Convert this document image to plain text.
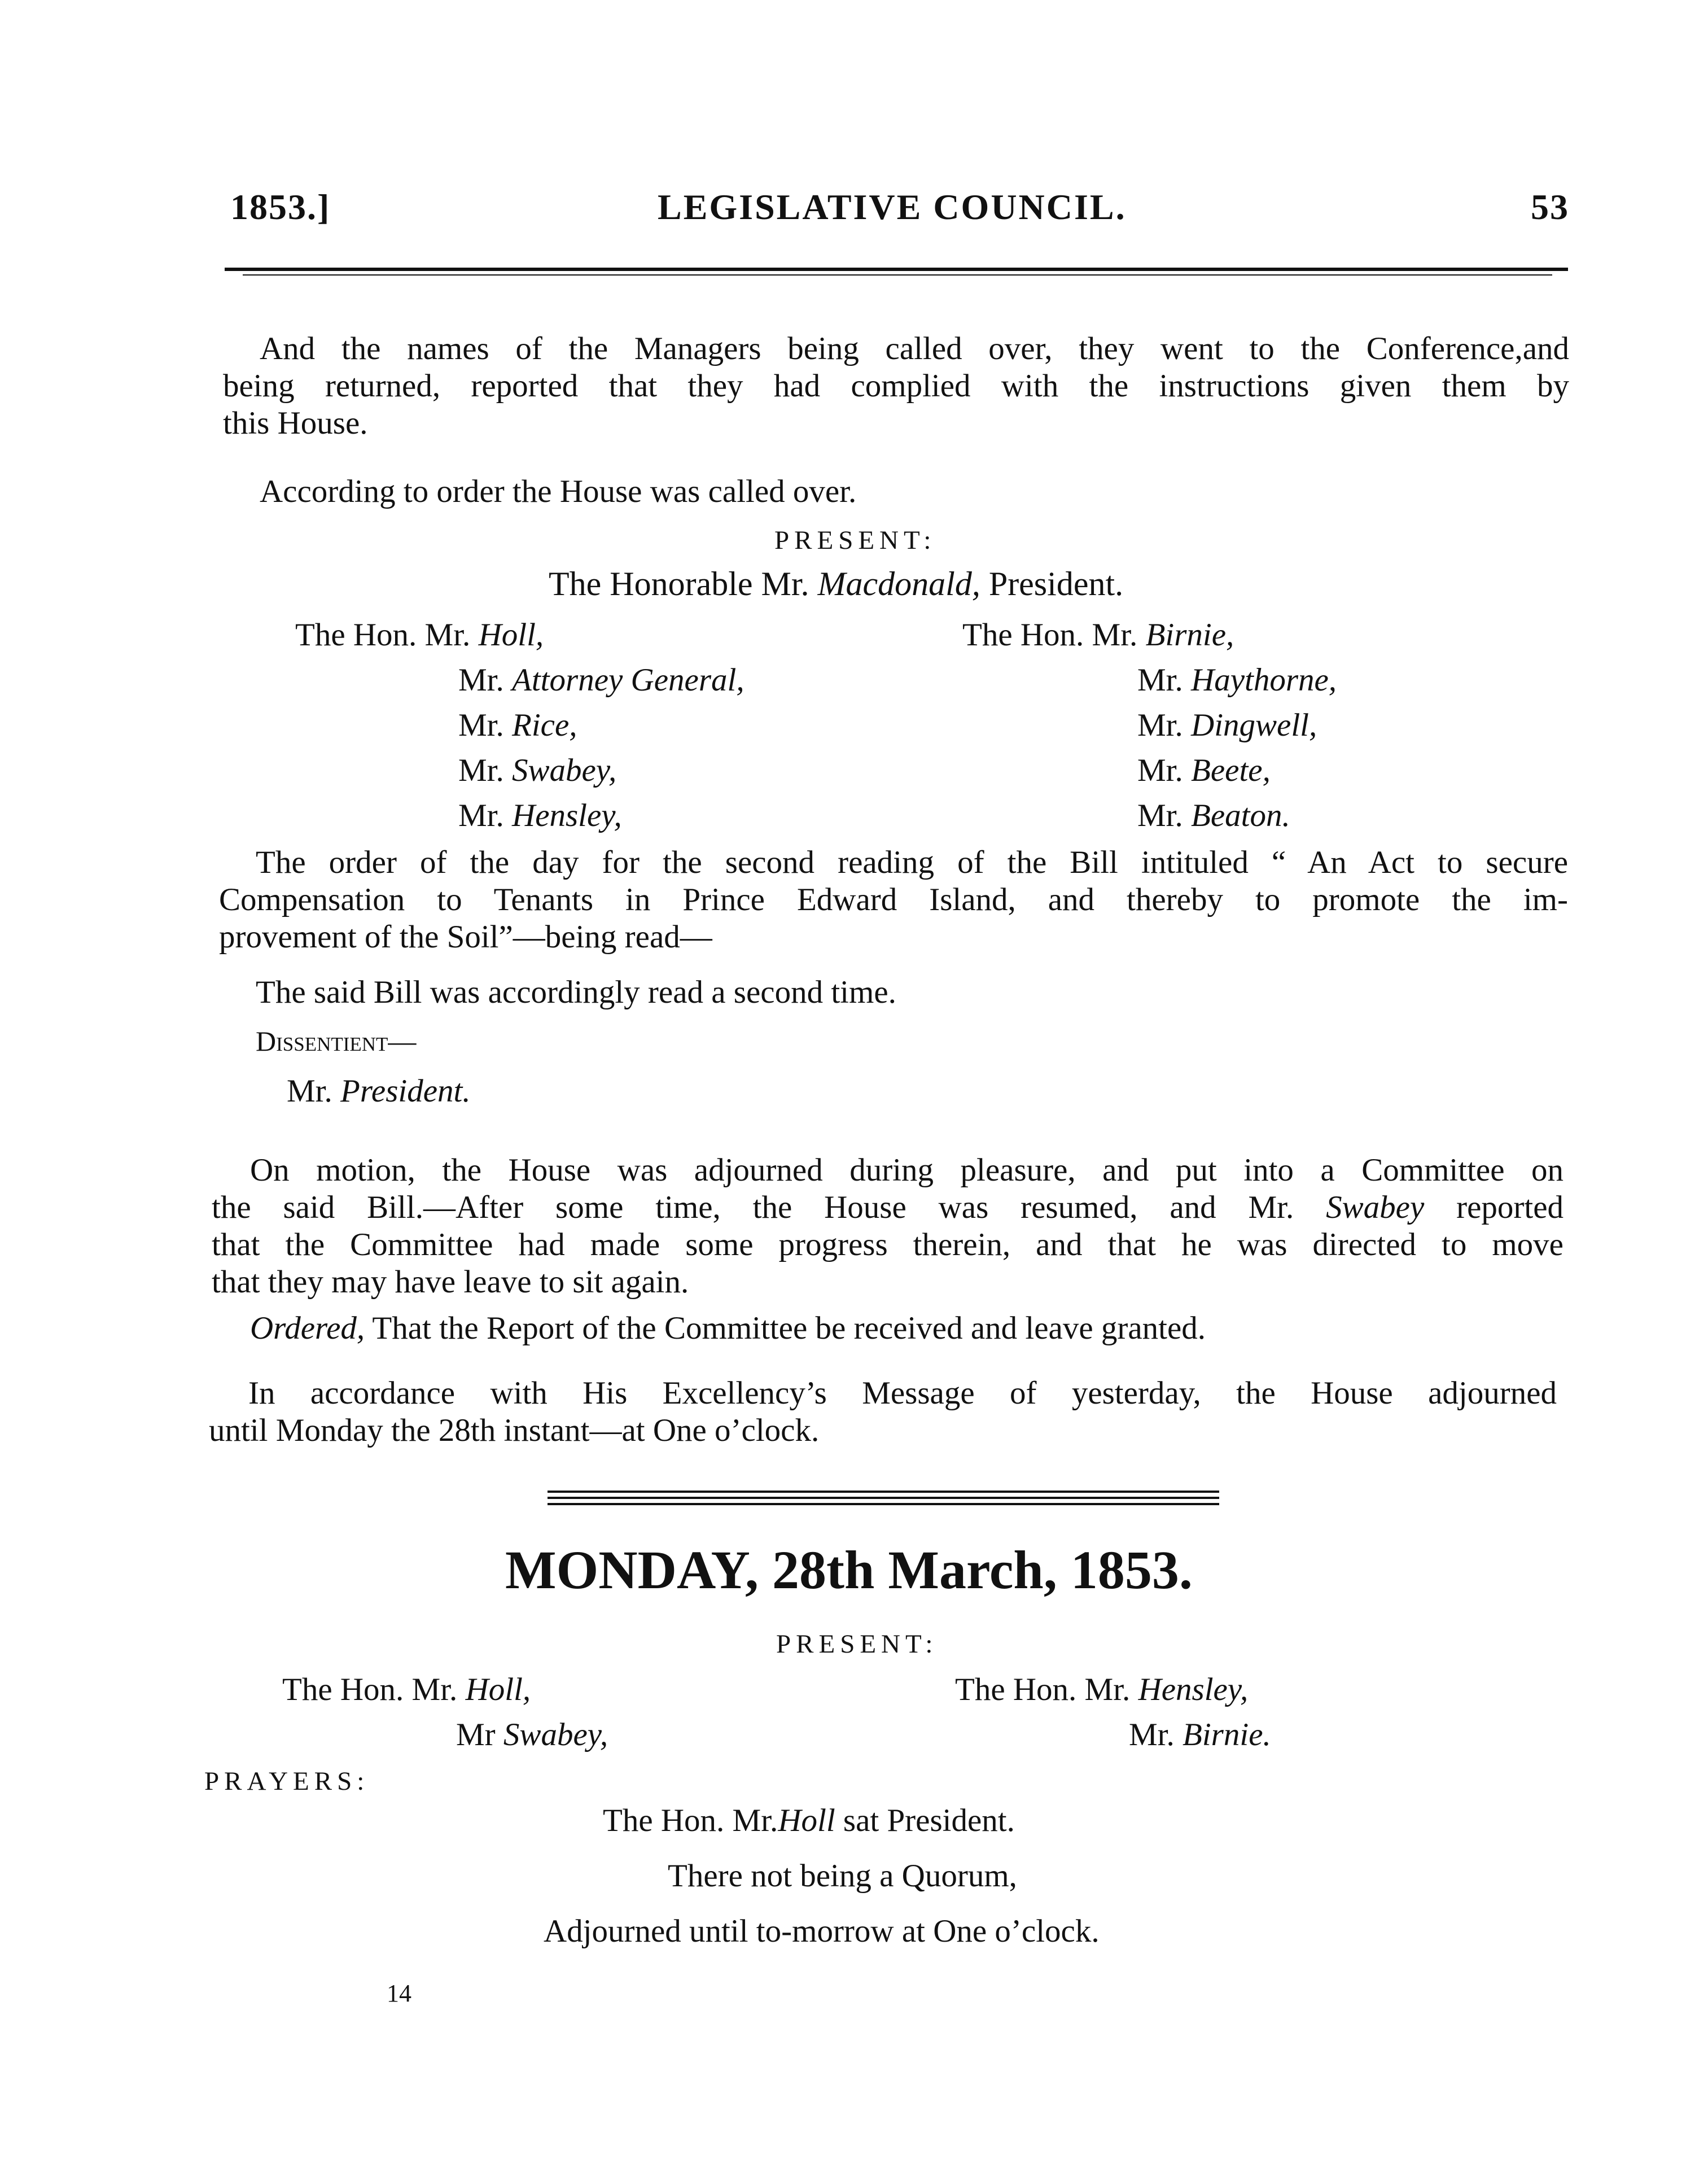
1853.]	LEGISLATIVE COUNCIL.	53

And the names of the Managers being called over, they went to the Conference,and

being returned, reported that they had complied with the instructions given them by

this House.

According to order the House was called over.
PRESENT:
The Honorable Mr. Macdonald, President.
The Hon. Mr. Holl,
Mr. Attorney General,
Mr. Rice,
Mr. Swabey,
Mr. Hensley,
The Hon. Mr. Birnie,
Mr. Haythorne,
Mr. Dingwell,
Mr. Beete,
Mr. Beaton.

The order of the day for the second reading of the Bill intituled “ An Act to secure

Compensation to Tenants in Prince Edward Island, and thereby to promote the im-

provement of the Soil”—being read—

The said Bill was accordingly read a second time.
Dissentient—
Mr. President.

On motion, the House was adjourned during pleasure, and put into a Committee on

the said Bill.—After some time, the House was resumed, and Mr. Swabey reported

that the Committee had made some progress therein, and that he was directed to move

that they may have leave to sit again.

Ordered, That the Report of the Committee be received and leave granted.

In accordance with His Excellency’s Message of yesterday, the House adjourned

until Monday the 28th instant—at One o’clock.

MONDAY, 28th March, 1853.
PRESENT:
The Hon. Mr. Holl,
Mr Swabey,
The Hon. Mr. Hensley,
Mr. Birnie.
PRAYERS:
The Hon. Mr.Holl sat President.
There not being a Quorum,
Adjourned until to-morrow at One o’clock.
14
